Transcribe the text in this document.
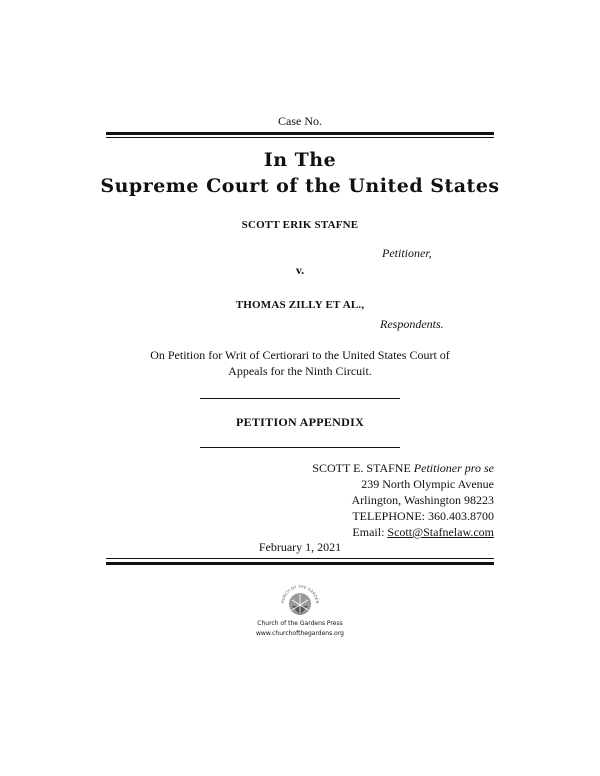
Case No.
In The
Supreme Court of the United States
SCOTT ERIK STAFNE
Petitioner,
v.
THOMAS ZILLY ET AL.,
Respondents.
On Petition for Writ of Certiorari to the United States Court of
Appeals for the Ninth Circuit.
PETITION APPENDIX
SCOTT E. STAFNE Petitioner pro se
239 North Olympic Avenue
Arlington, Washington 98223
TELEPHONE: 360.403.8700
Email: Scott@Stafnelaw.com
February 1, 2021
HURCH OF THE GARDEN
Church of the Gardens Press
www.churchofthegardens.org
